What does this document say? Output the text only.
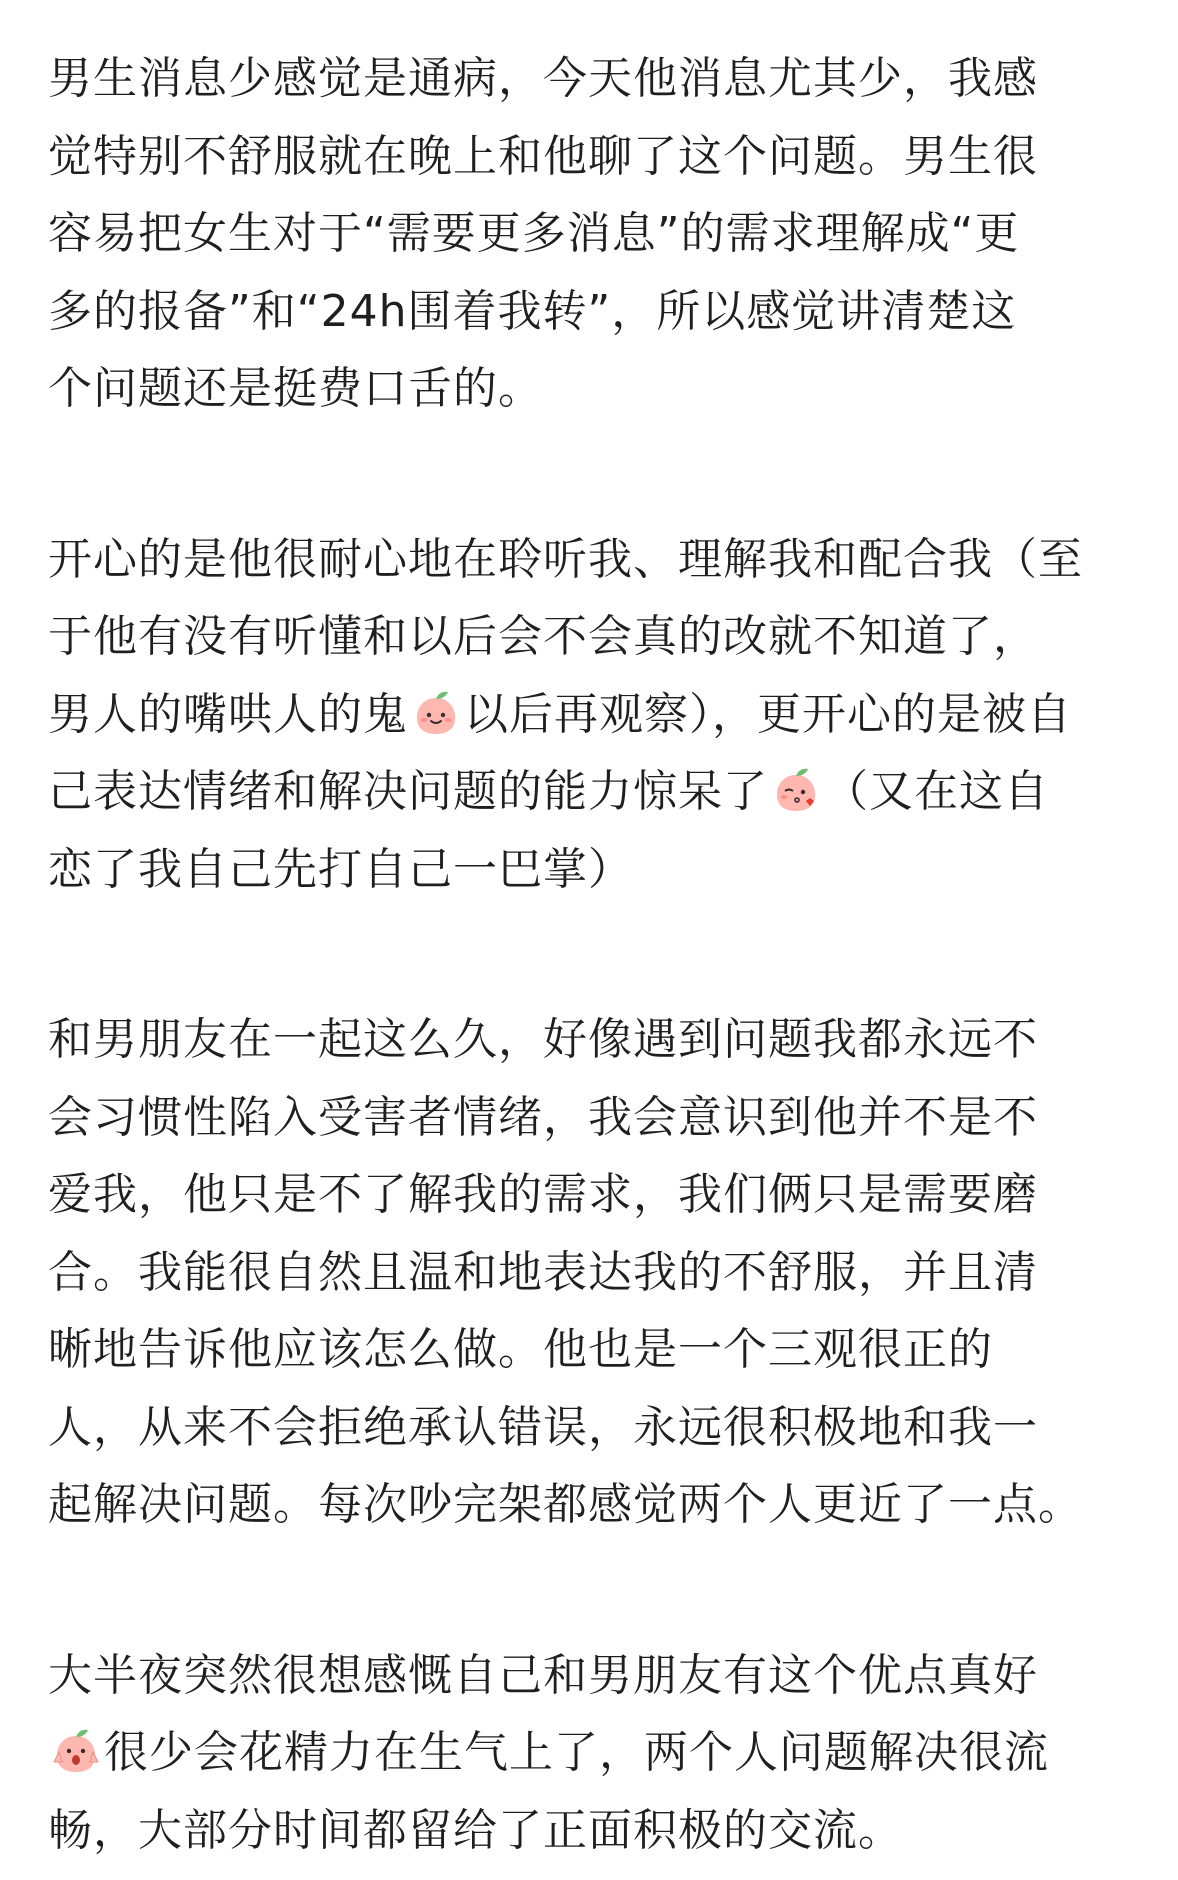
男生消息少感觉是通病，今天他消息尤其少，我感
觉特别不舒服就在晚上和他聊了这个问题。男生很
容易把女生对于“需要更多消息”的需求理解成“更
多的报备”和“24h围着我转”，所以感觉讲清楚这
个问题还是挺费口舌的。
开心的是他很耐心地在聆听我、理解我和配合我（至
于他有没有听懂和以后会不会真的改就不知道了，
男人的嘴哄人的鬼 以后再观察），更开心的是被自
己表达情绪和解决问题的能力惊呆了 （又在这自
恋了我自己先打自己一巴掌）
和男朋友在一起这么久，好像遇到问题我都永远不
会习惯性陷入受害者情绪，我会意识到他并不是不
爱我，他只是不了解我的需求，我们俩只是需要磨
合。我能很自然且温和地表达我的不舒服，并且清
晰地告诉他应该怎么做。他也是一个三观很正的
人，从来不会拒绝承认错误，永远很积极地和我一
起解决问题。每次吵完架都感觉两个人更近了一点。
大半夜突然很想感慨自己和男朋友有这个优点真好
很少会花精力在生气上了，两个人问题解决很流
畅，大部分时间都留给了正面积极的交流。
